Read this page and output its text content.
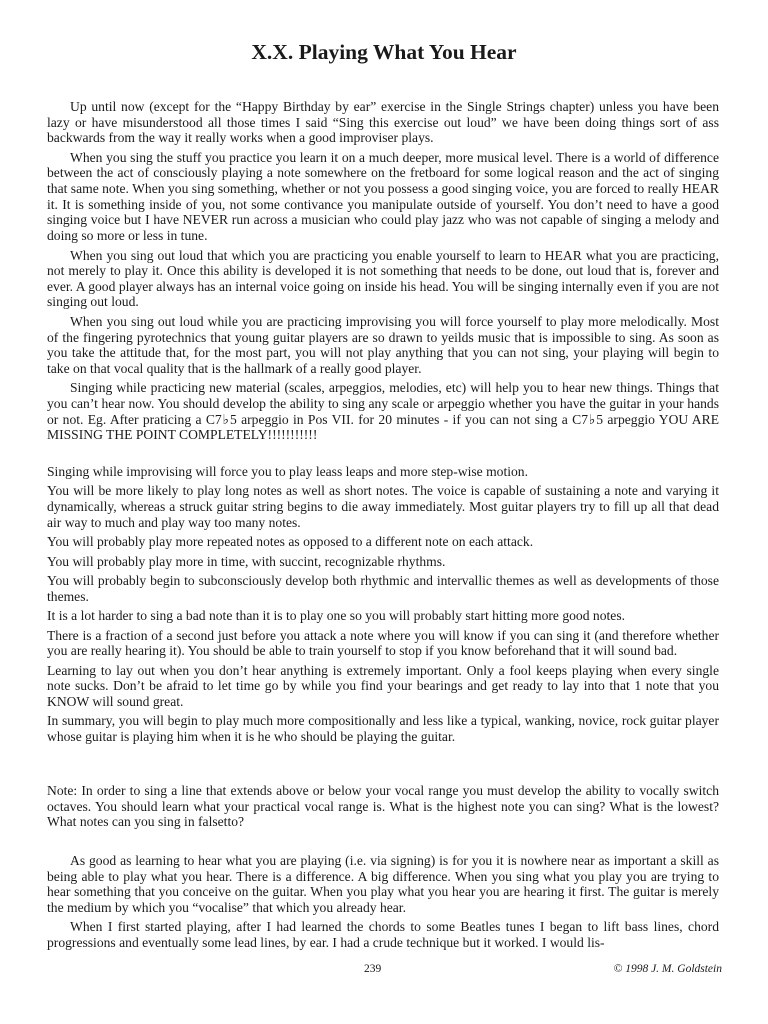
X.X. Playing What You Hear

Up until now (except for the “Happy Birthday by ear” exercise in the Single Strings chapter) unless you have been lazy or have misunderstood all those times I said “Sing this exercise out loud” we have been doing things sort of ass backwards from the way it really works when a good improviser plays.

When you sing the stuff you practice you learn it on a much deeper, more musical level. There is a world of difference between the act of consciously playing a note somewhere on the fretboard for some logical reason and the act of singing that same note. When you sing something, whether or not you possess a good singing voice, you are forced to really HEAR it. It is something inside of you, not some contivance you manipulate outside of yourself. You don’t need to have a good singing voice but I have NEVER run across a musician who could play jazz who was not capable of singing a melody and doing so more or less in tune.

When you sing out loud that which you are practicing you enable yourself to learn to HEAR what you are practicing, not merely to play it. Once this ability is developed it is not something that needs to be done, out loud that is, forever and ever. A good player always has an internal voice going on inside his head. You will be singing internally even if you are not singing out loud.

When you sing out loud while you are practicing improvising you will force yourself to play more melodically. Most of the fingering pyrotechnics that young guitar players are so drawn to yeilds music that is impossible to sing. As soon as you take the attitude that, for the most part, you will not play anything that you can not sing, your playing will begin to take on that vocal quality that is the hallmark of a really good player.

Singing while practicing new material (scales, arpeggios, melodies, etc) will help you to hear new things. Things that you can’t hear now. You should develop the ability to sing any scale or arpeggio whether you have the guitar in your hands or not. Eg. After praticing a C7♭5 arpeggio in Pos VII. for 20 minutes - if you can not sing a C7♭5 arpeggio YOU ARE MISSING THE POINT COMPLETELY!!!!!!!!!!!

Singing while improvising will force you to play leass leaps and more step-wise motion.

You will be more likely to play long notes as well as short notes. The voice is capable of sustaining a note and varying it dynamically, whereas a struck guitar string begins to die away immediately. Most guitar players try to fill up all that dead air way to much and play way too many notes.

You will probably play more repeated notes as opposed to a different note on each attack.

You will probably play more in time, with succint, recognizable rhythms.

You will probably begin to subconsciously develop both rhythmic and intervallic themes as well as developments of those themes.

It is a lot harder to sing a bad note than it is to play one so you will probably start hitting more good notes.

There is a fraction of a second just before you attack a note where you will know if you can sing it (and therefore whether you are really hearing it). You should be able to train yourself to stop if you know beforehand that it will sound bad.

Learning to lay out when you don’t hear anything is extremely important. Only a fool keeps playing when every single note sucks. Don’t be afraid to let time go by while you find your bearings and get ready to lay into that 1 note that you KNOW will sound great.

In summary, you will begin to play much more compositionally and less like a typical, wanking, novice, rock guitar player whose guitar is playing him when it is he who should be playing the guitar.

Note: In order to sing a line that extends above or below your vocal range you must develop the ability to vocally switch octaves. You should learn what your practical vocal range is. What is the highest note you can sing? What is the lowest? What notes can you sing in falsetto?

As good as learning to hear what you are playing (i.e. via signing) is for you it is nowhere near as important a skill as being able to play what you hear. There is a difference. A big difference. When you sing what you play you are trying to hear something that you conceive on the guitar. When you play what you hear you are hearing it first. The guitar is merely the medium by which you “vocalise” that which you already hear.

When I first started playing, after I had learned the chords to some Beatles tunes I began to lift bass lines, chord progressions and eventually some lead lines, by ear. I had a crude technique but it worked. I would lis-

239	© 1998 J. M. Goldstein
